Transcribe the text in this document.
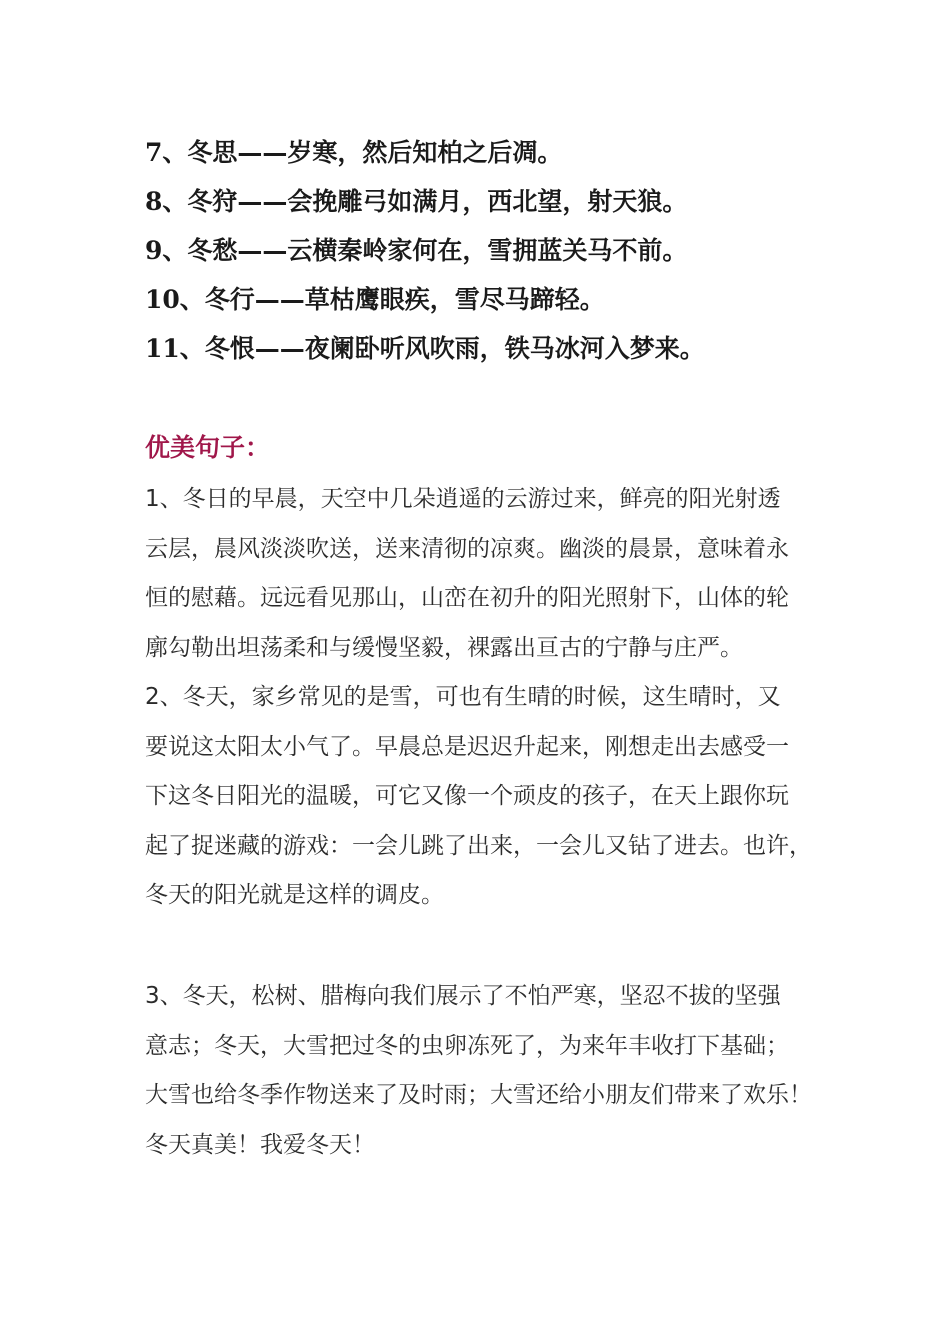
7、冬思——岁寒，然后知柏之后凋。
8、冬狩——会挽雕弓如满月，西北望，射天狼。
9、冬愁——云横秦岭家何在，雪拥蓝关马不前。
10、冬行——草枯鹰眼疾，雪尽马蹄轻。
11、冬恨——夜阑卧听风吹雨，铁马冰河入梦来。
优美句子：

1、冬日的早晨，天空中几朵逍遥的云游过来，鲜亮的阳光射透
云层，晨风淡淡吹送，送来清彻的凉爽。幽淡的晨景，意味着永
恒的慰藉。远远看见那山，山峦在初升的阳光照射下，山体的轮
廓勾勒出坦荡柔和与缓慢坚毅，裸露出亘古的宁静与庄严。

2、冬天，家乡常见的是雪，可也有生晴的时候，这生晴时，又
要说这太阳太小气了。早晨总是迟迟升起来，刚想走出去感受一
下这冬日阳光的温暖，可它又像一个顽皮的孩子，在天上跟你玩
起了捉迷藏的游戏：一会儿跳了出来，一会儿又钻了进去。也许，
冬天的阳光就是这样的调皮。

3、冬天，松树、腊梅向我们展示了不怕严寒，坚忍不拔的坚强
意志；冬天，大雪把过冬的虫卵冻死了，为来年丰收打下基础；
大雪也给冬季作物送来了及时雨；大雪还给小朋友们带来了欢乐！
冬天真美！我爱冬天！
